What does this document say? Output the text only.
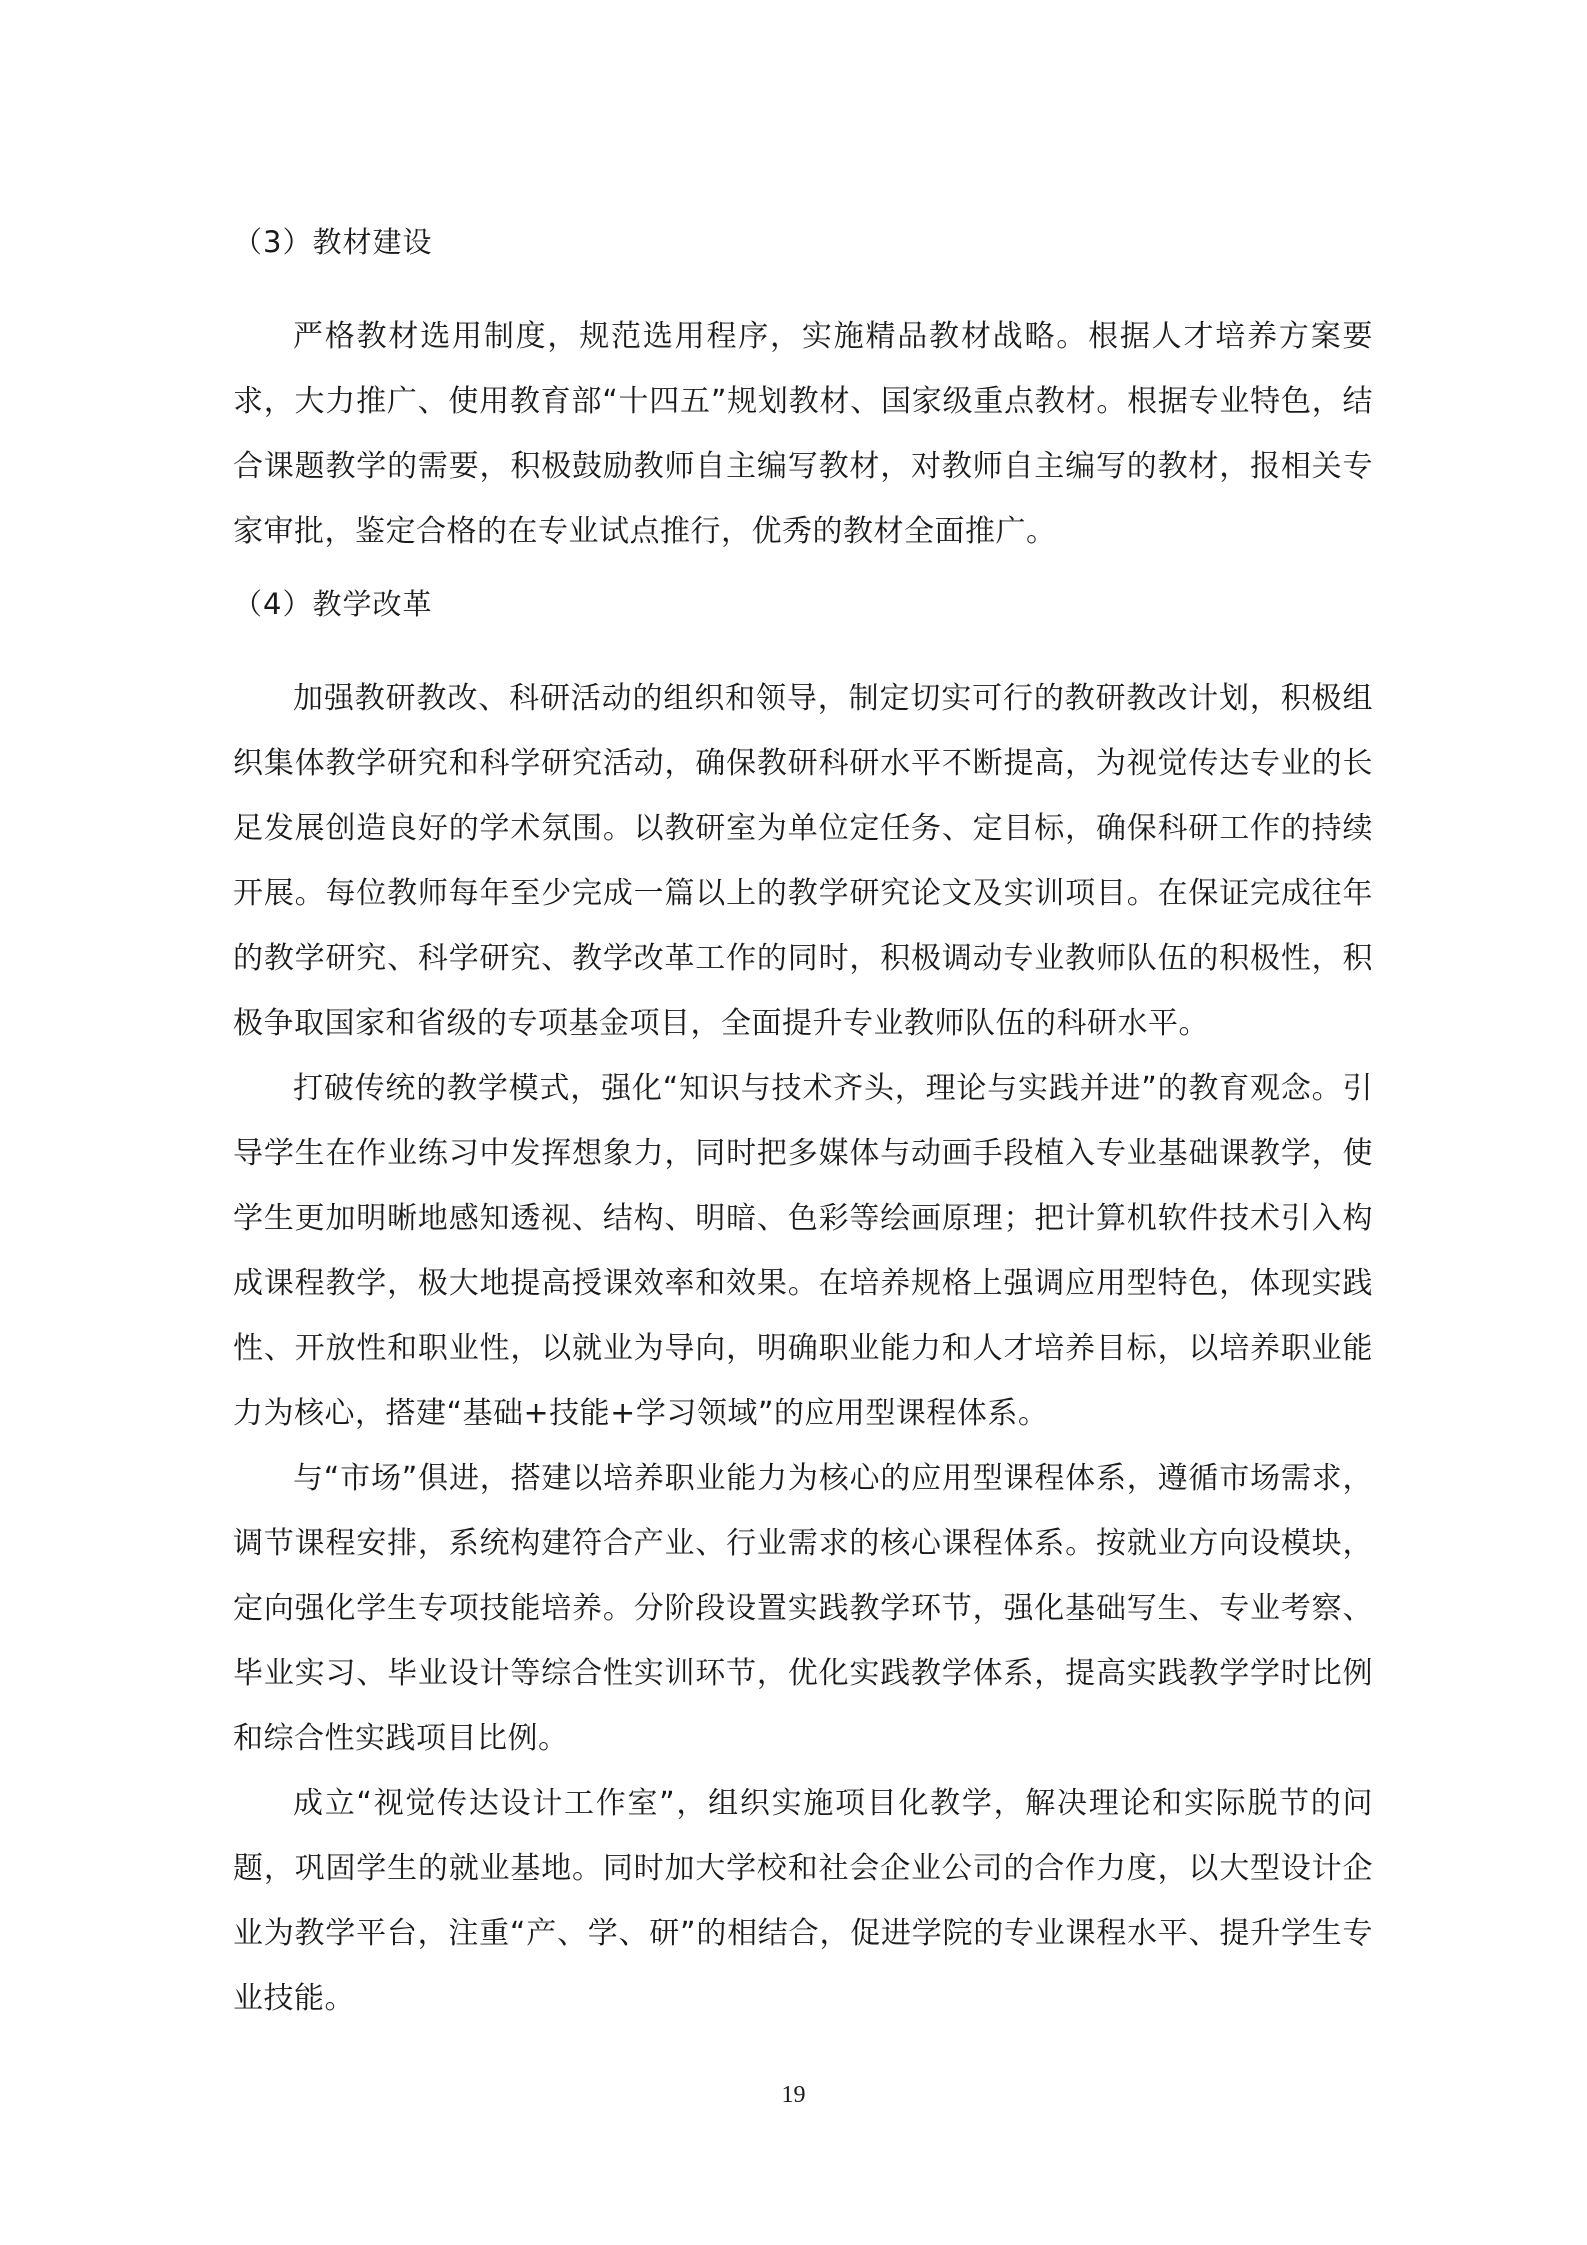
（3）教材建设

严格教材选用制度，规范选用程序，实施精品教材战略。根据人才培养方案要求，大力推广、使用教育部“十四五”规划教材、国家级重点教材。根据专业特色，结合课题教学的需要，积极鼓励教师自主编写教材，对教师自主编写的教材，报相关专家审批，鉴定合格的在专业试点推行，优秀的教材全面推广。

（4）教学改革

加强教研教改、科研活动的组织和领导，制定切实可行的教研教改计划，积极组织集体教学研究和科学研究活动，确保教研科研水平不断提高，为视觉传达专业的长足发展创造良好的学术氛围。以教研室为单位定任务、定目标，确保科研工作的持续开展。每位教师每年至少完成一篇以上的教学研究论文及实训项目。在保证完成往年的教学研究、科学研究、教学改革工作的同时，积极调动专业教师队伍的积极性，积极争取国家和省级的专项基金项目，全面提升专业教师队伍的科研水平。

打破传统的教学模式，强化“知识与技术齐头，理论与实践并进”的教育观念。引导学生在作业练习中发挥想象力，同时把多媒体与动画手段植入专业基础课教学，使学生更加明晰地感知透视、结构、明暗、色彩等绘画原理；把计算机软件技术引入构成课程教学，极大地提高授课效率和效果。在培养规格上强调应用型特色，体现实践性、开放性和职业性，以就业为导向，明确职业能力和人才培养目标，以培养职业能力为核心，搭建“基础+技能+学习领域”的应用型课程体系。

与“市场”俱进，搭建以培养职业能力为核心的应用型课程体系，遵循市场需求，调节课程安排，系统构建符合产业、行业需求的核心课程体系。按就业方向设模块，定向强化学生专项技能培养。分阶段设置实践教学环节，强化基础写生、专业考察、毕业实习、毕业设计等综合性实训环节，优化实践教学体系，提高实践教学学时比例和综合性实践项目比例。

成立“视觉传达设计工作室”，组织实施项目化教学，解决理论和实际脱节的问题，巩固学生的就业基地。同时加大学校和社会企业公司的合作力度，以大型设计企业为教学平台，注重“产、学、研”的相结合，促进学院的专业课程水平、提升学生专业技能。

19
